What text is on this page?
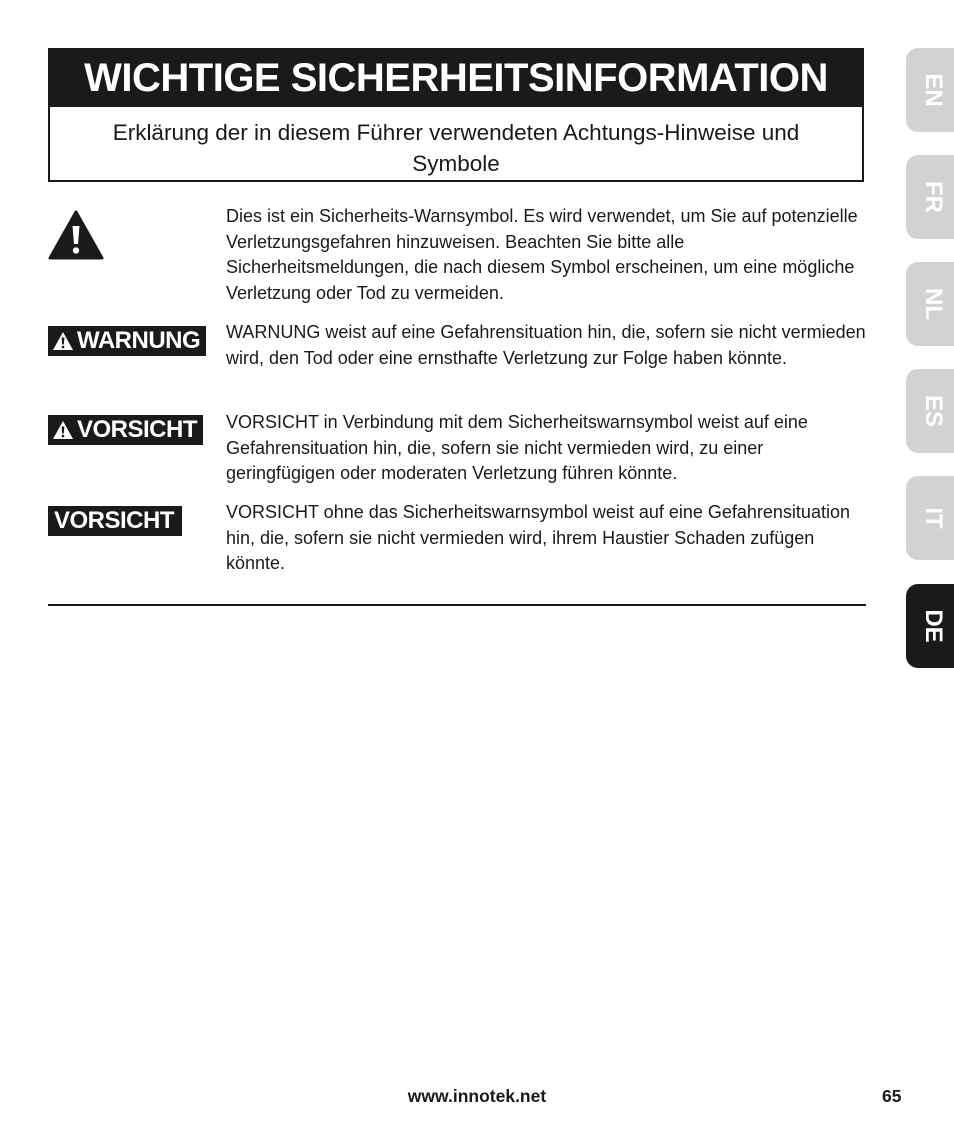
WICHTIGE SICHERHEITSINFORMATION
Erklärung der in diesem Führer verwendeten Achtungs-Hinweise und Symbole
Dies ist ein Sicherheits-Warnsymbol. Es wird verwendet, um Sie auf potenzielle Verletzungsgefahren hinzuweisen. Beachten Sie bitte alle Sicherheitsmeldungen, die nach diesem Symbol erscheinen, um eine mögliche Verletzung oder Tod zu vermeiden.
WARNUNG WARNUNG weist auf eine Gefahrensituation hin, die, sofern sie nicht vermieden wird, den Tod oder eine ernsthafte Verletzung zur Folge haben könnte.
VORSICHT VORSICHT in Verbindung mit dem Sicherheitswarnsymbol weist auf eine Gefahrensituation hin, die, sofern sie nicht vermieden wird, zu einer geringfügigen oder moderaten Verletzung führen könnte.
VORSICHT	VORSICHT ohne das Sicherheitswarnsymbol weist auf eine Gefahrensituation hin, die, sofern sie nicht vermieden wird, ihrem Haustier Schaden zufügen könnte.
EN
FR
NL
ES
IT
DE
www.innotek.net	65
